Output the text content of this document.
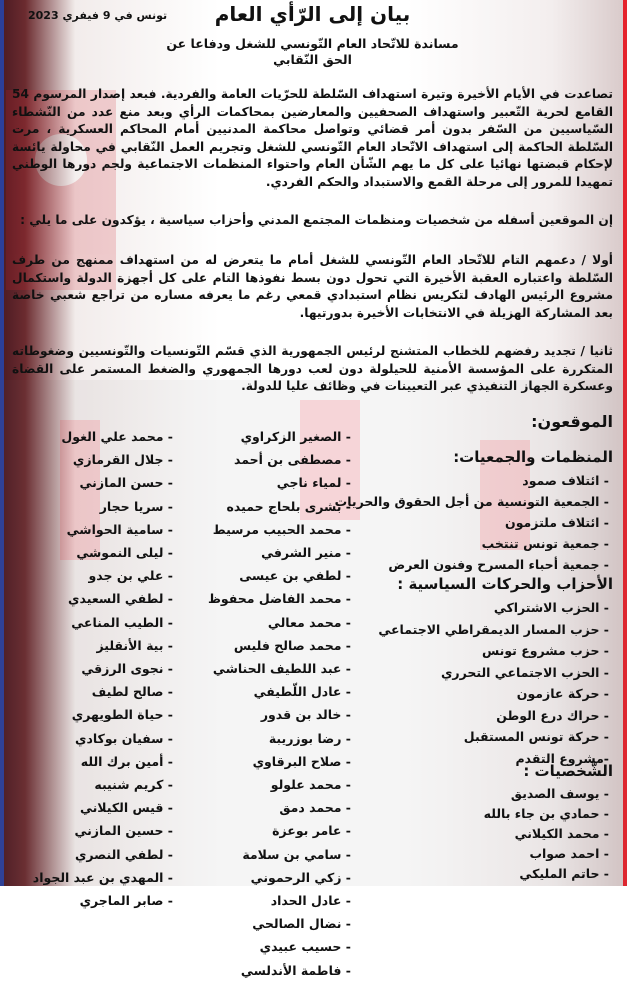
تونس في 9 فيفري 2023	بيان إلى الرّأي العام
مساندة للاتّحاد العام التّونسي للشغل ودفاعا عن
الحق النّقابي
تصاعدت في الأيام الأخيرة وتيرة استهداف السّلطة للحرّيات العامة والفردية. فبعد إصدار المرسوم 54 القامع لحرية التّعبير واستهداف الصحفيين والمعارضين بمحاكمات الرأي وبعد منع عدد من النّشطاء السّياسيين من السّفر بدون أمر قضائي وتواصل محاكمة المدنيين أمام المحاكم العسكرية ، مرت السّلطة الحاكمة إلى استهداف الاتّحاد العام التّونسي للشغل وتجريم العمل النّقابي في محاولة يائسة لإحكام قبضتها نهائيا على كل ما يهم الشّأن العام واحتواء المنظمات الاجتماعية ولجم دورها الوطني تمهيدا للمرور إلى مرحلة القمع والاستبداد والحكم الفردي.
إن الموقعين أسفله من شخصيات ومنظمات المجتمع المدني وأحزاب سياسية ، يؤكدون على ما يلي :
أولا / دعمهم التام للاتّحاد العام التّونسي للشغل أمام ما يتعرض له من استهداف ممنهج من طرف السّلطة واعتباره العقبة الأخيرة التي تحول دون بسط نفوذها التام على كل أجهزة الدولة واستكمال مشروع الرئيس الهادف لتكريس نظام استبدادي قمعي رغم ما يعرفه مساره من تراجع شعبي خاصة بعد المشاركة الهزيلة في الانتخابات الأخيرة بدورتيها.
ثانيا / تجديد رفضهم للخطاب المتشنج لرئيس الجمهورية الذي قسّم التّونسيات والتّونسيين وضغوطاته المتكررة على المؤسسة الأمنية للحيلولة دون لعب دورها الجمهوري والضغط المستمر على القضاة وعسكرة الجهاز التنفيذي عبر التعيينات في وظائف عليا للدولة.
الموقعون:
المنظمات والجمعيات:
- ائتلاف صمود
- الجمعية التونسية من أجل الحقوق والحريات
- ائتلاف ملتزمون
- جمعية تونس تنتخب
- جمعية أحباء المسرح وفنون العرض
الأحزاب والحركات السياسية :
- الحزب الاشتراكي
- حزب المسار الديمقراطي الاجتماعي
- حزب مشروع تونس
- الحزب الاجتماعي التحرري
- حركة عازمون
- حراك درع الوطن
- حركة تونس المستقبل
-مشروع التقدم
الشّخصيات :
- يوسف الصديق
- حمادي بن جاء بالله
- محمد الكيلاني
- احمد صواب
- حاتم المليكي
- الصغير الزكراوي
- مصطفى بن أحمد
- لمياء ناجي
- بشرى بلحاج حميده
- محمد الحبيب مرسيط
- منير الشرفي
- لطفي بن عيسى
- محمد الفاضل محفوظ
- محمد معالي
- محمد صالح فليس
- عبد اللطيف الحناشي
- عادل اللّطيفي
- خالد بن قدور
- رضا بوزريبة
- صلاح البرقاوي
- محمد علولو
- محمد دمق
- عامر بوعزة
- سامي بن سلامة
- زكي الرحموني
- عادل الحداد
- نضال الصالحي
- حسيب عبيدي
- فاطمة الأندلسي
- محمد علي الغول
- جلال القرمازي
- حسن المازني
- سريا حجار
- سامية الحواشي
- ليلى النموشي
- علي بن جدو
- لطفي السعيدي
- الطيب المناعي
- بية الأنقليز
- نجوى الرزقي
- صالح لطيف
- حياة الطويهري
- سفيان بوكادي
- أمين برك الله
- كريم شنيبه
- قيس الكيلاني
- حسين المازني
- لطفي النصري
- المهدي بن عبد الجواد
- صابر الماجري
